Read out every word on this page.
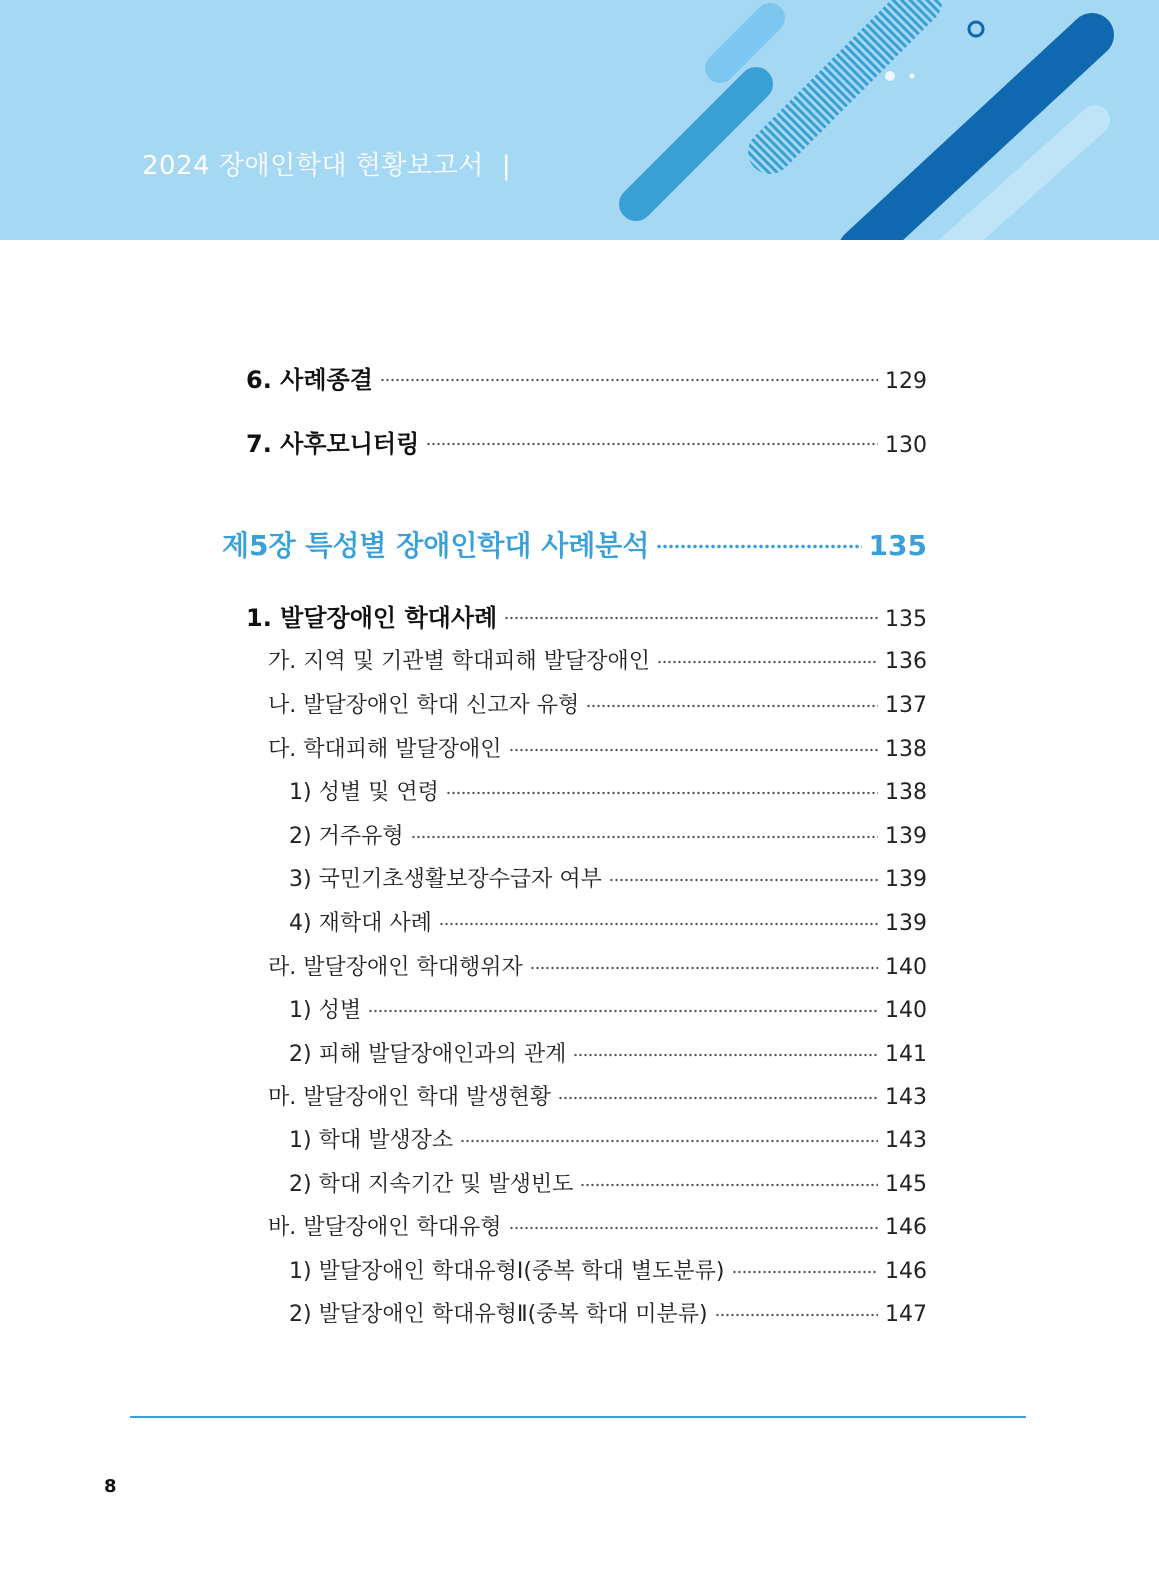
2024 장애인학대 현황보고서 |
6. 사례종결	129
7. 사후모니터링	130
제5장 특성별 장애인학대 사례분석	135
1. 발달장애인 학대사례	135
가. 지역 및 기관별 학대피해 발달장애인	136
나. 발달장애인 학대 신고자 유형	137
다. 학대피해 발달장애인	138
1) 성별 및 연령	138
2) 거주유형	139
3) 국민기초생활보장수급자 여부	139
4) 재학대 사례	139
라. 발달장애인 학대행위자	140
1) 성별	140
2) 피해 발달장애인과의 관계	141
마. 발달장애인 학대 발생현황	143
1) 학대 발생장소	143
2) 학대 지속기간 및 발생빈도	145
바. 발달장애인 학대유형	146
1) 발달장애인 학대유형Ⅰ(중복 학대 별도분류)	146
2) 발달장애인 학대유형Ⅱ(중복 학대 미분류)	147
8
